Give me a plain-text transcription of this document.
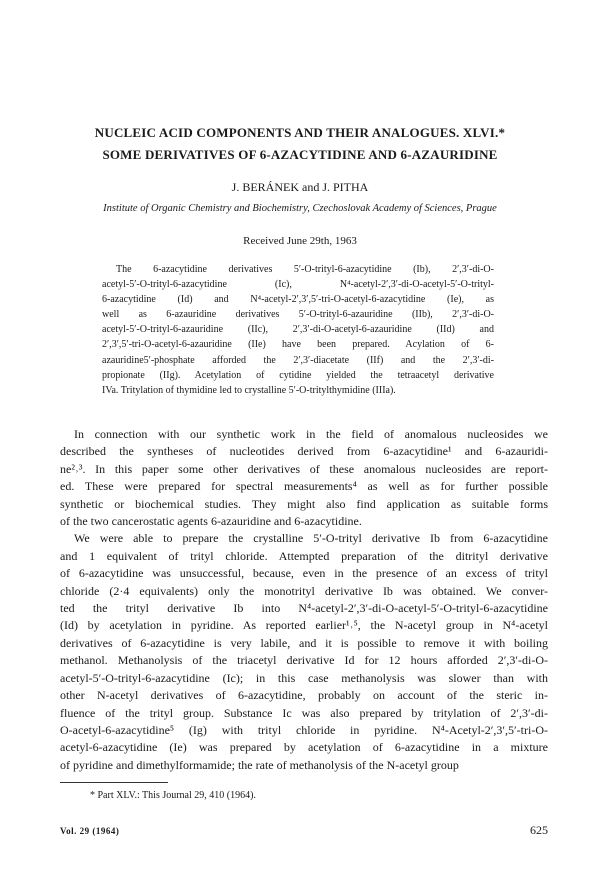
NUCLEIC ACID COMPONENTS AND THEIR ANALOGUES. XLVI.*
SOME DERIVATIVES OF 6-AZACYTIDINE AND 6-AZAURIDINE
J. BERÁNEK and J. PITHA
Institute of Organic Chemistry and Biochemistry, Czechoslovak Academy of Sciences, Prague
Received June 29th, 1963
The 6-azacytidine derivatives 5′-O-trityl-6-azacytidine (Ib), 2′,3′-di-O-
acetyl-5′-O-trityl-6-azacytidine (Ic), N⁴-acetyl-2′,3′-di-O-acetyl-5′-O-trityl-
6-azacytidine (Id) and N⁴-acetyl-2′,3′,5′-tri-O-acetyl-6-azacytidine (Ie), as
well as 6-azauridine derivatives 5′-O-trityl-6-azauridine (IIb), 2′,3′-di-O-
acetyl-5′-O-trityl-6-azauridine (IIc), 2′,3′-di-O-acetyl-6-azauridine (IId) and
2′,3′,5′-tri-O-acetyl-6-azauridine (IIe) have been prepared. Acylation of 6-
azauridine5′-phosphate afforded the 2′,3′-diacetate (IIf) and the 2′,3′-di-
propionate (IIg). Acetylation of cytidine yielded the tetraacetyl derivative
IVa. Tritylation of thymidine led to crystalline 5′-O-tritylthymidine (IIIa).
In connection with our synthetic work in the field of anomalous nucleosides we
described the syntheses of nucleotides derived from 6-azacytidine¹ and 6-azauridi-
ne²˒³. In this paper some other derivatives of these anomalous nucleosides are report-
ed. These were prepared for spectral measurements⁴ as well as for further possible
synthetic or biochemical studies. They might also find application as suitable forms
of the two cancerostatic agents 6-azauridine and 6-azacytidine.
We were able to prepare the crystalline 5′-O-trityl derivative Ib from 6-azacytidine
and 1 equivalent of trityl chloride. Attempted preparation of the ditrityl derivative
of 6-azacytidine was unsuccessful, because, even in the presence of an excess of trityl
chloride (2·4 equivalents) only the monotrityl derivative Ib was obtained. We conver-
ted the trityl derivative Ib into N⁴-acetyl-2′,3′-di-O-acetyl-5′-O-trityl-6-azacytidine
(Id) by acetylation in pyridine. As reported earlier¹˒⁵, the N-acetyl group in N⁴-acetyl
derivatives of 6-azacytidine is very labile, and it is possible to remove it with boiling
methanol. Methanolysis of the triacetyl derivative Id for 12 hours afforded 2′,3′-di-O-
acetyl-5′-O-trityl-6-azacytidine (Ic); in this case methanolysis was slower than with
other N-acetyl derivatives of 6-azacytidine, probably on account of the steric in-
fluence of the trityl group. Substance Ic was also prepared by tritylation of 2′,3′-di-
O-acetyl-6-azacytidine⁵ (Ig) with trityl chloride in pyridine. N⁴-Acetyl-2′,3′,5′-tri-O-
acetyl-6-azacytidine (Ie) was prepared by acetylation of 6-azacytidine in a mixture
of pyridine and dimethylformamide; the rate of methanolysis of the N-acetyl group
* Part XLV.: This Journal 29, 410 (1964).
Vol. 29 (1964)	625
